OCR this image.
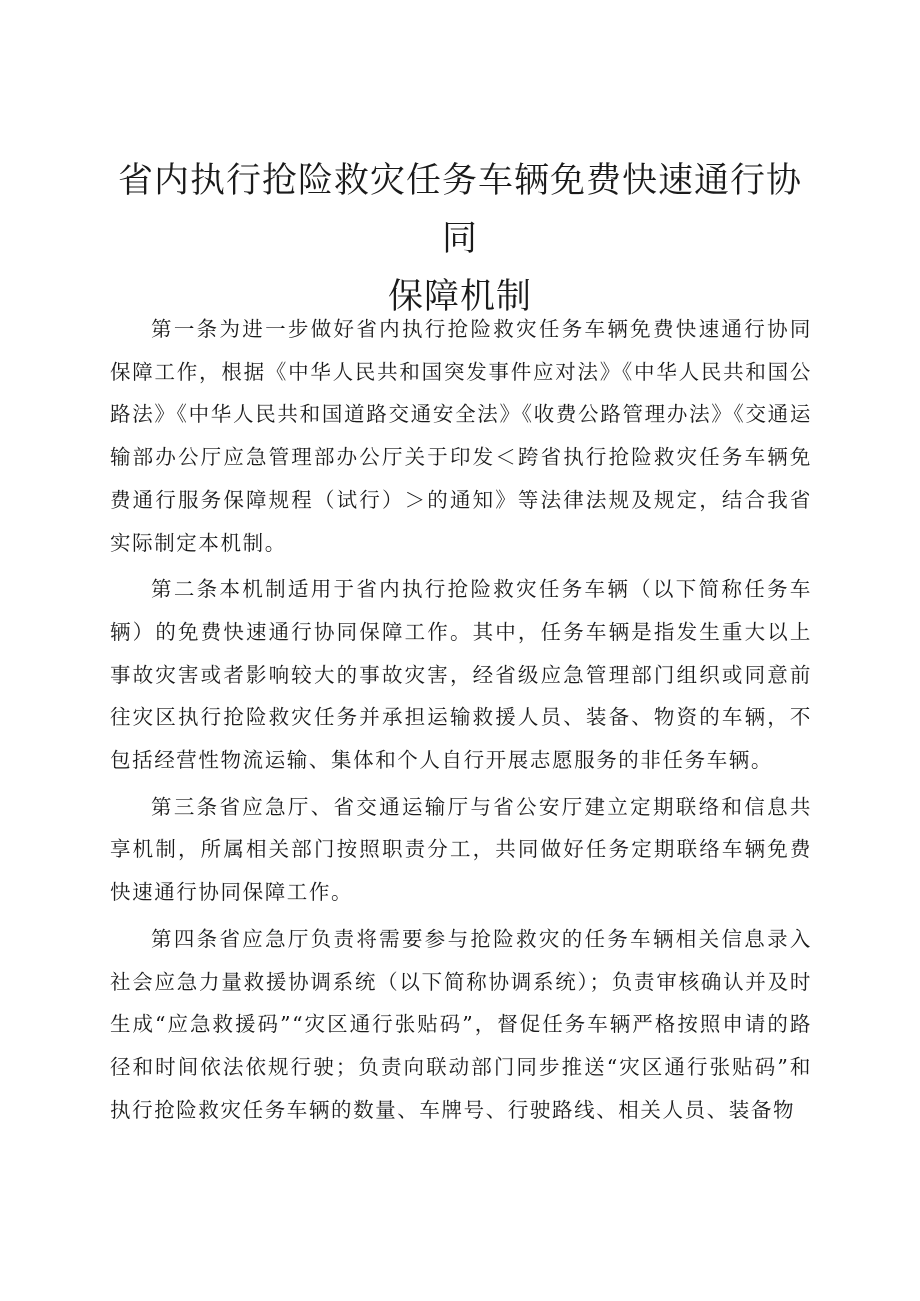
省内执行抢险救灾任务车辆免费快速通行协同
保障机制

第一条为进一步做好省内执行抢险救灾任务车辆免费快速通行协同保障工作，根据《中华人民共和国突发事件应对法》《中华人民共和国公路法》《中华人民共和国道路交通安全法》《收费公路管理办法》《交通运输部办公厅应急管理部办公厅关于印发＜跨省执行抢险救灾任务车辆免费通行服务保障规程（试行）＞的通知》等法律法规及规定，结合我省实际制定本机制。

第二条本机制适用于省内执行抢险救灾任务车辆（以下简称任务车辆）的免费快速通行协同保障工作。其中，任务车辆是指发生重大以上事故灾害或者影响较大的事故灾害，经省级应急管理部门组织或同意前往灾区执行抢险救灾任务并承担运输救援人员、装备、物资的车辆，不包括经营性物流运输、集体和个人自行开展志愿服务的非任务车辆。

第三条省应急厅、省交通运输厅与省公安厅建立定期联络和信息共享机制，所属相关部门按照职责分工，共同做好任务定期联络车辆免费快速通行协同保障工作。

第四条省应急厅负责将需要参与抢险救灾的任务车辆相关信息录入社会应急力量救援协调系统（以下简称协调系统）；负责审核确认并及时生成“应急救援码”“灾区通行张贴码”，督促任务车辆严格按照申请的路径和时间依法依规行驶；负责向联动部门同步推送“灾区通行张贴码”和执行抢险救灾任务车辆的数量、车牌号、行驶路线、相关人员、装备物
